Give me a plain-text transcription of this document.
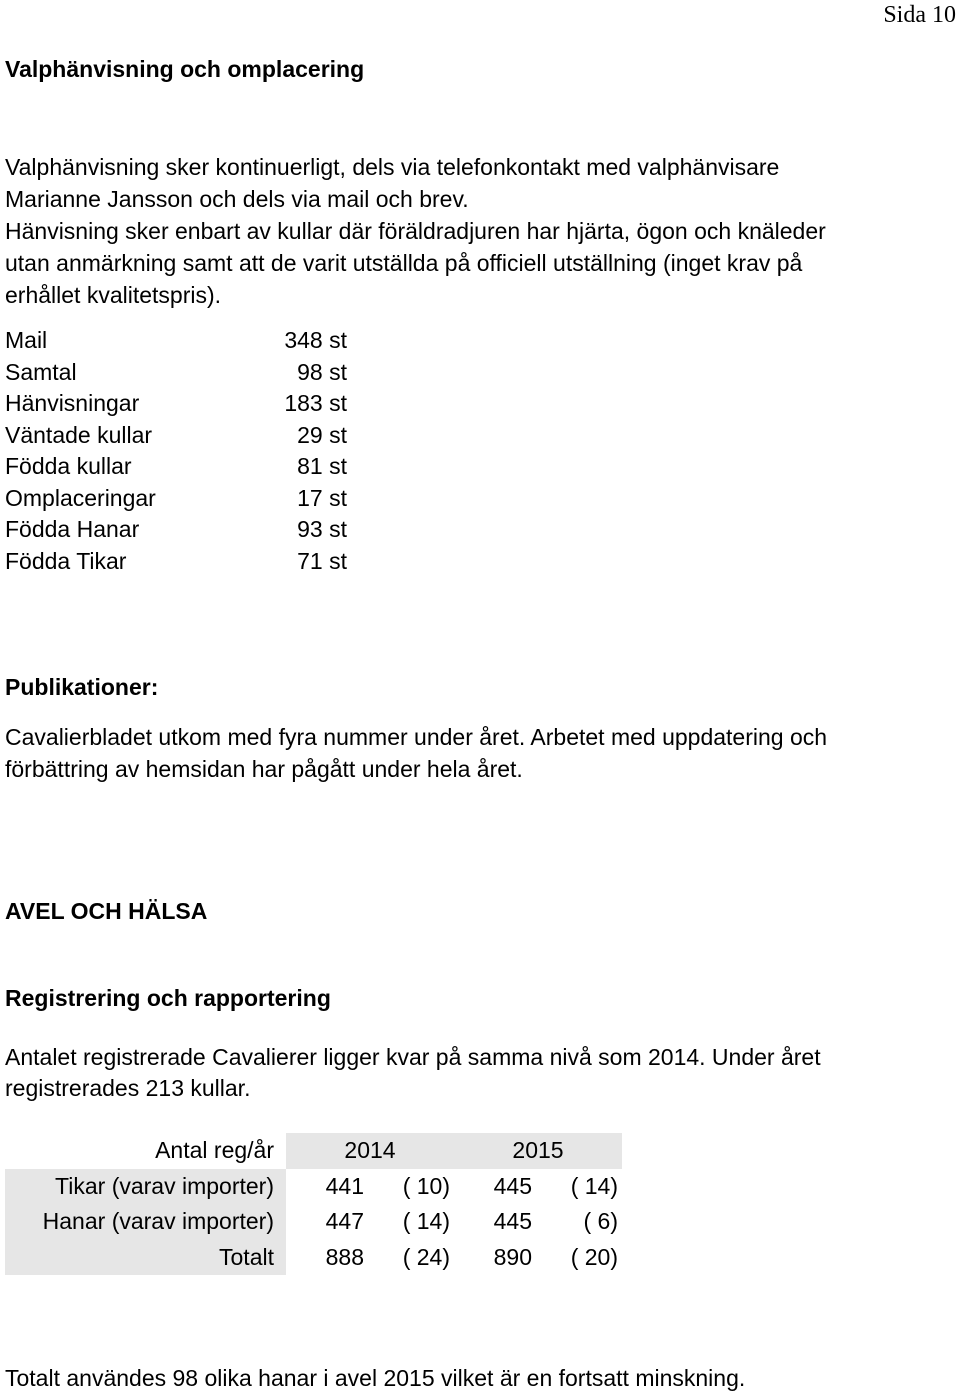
Sida 10
Valphänvisning och omplacering
Valphänvisning sker kontinuerligt, dels via telefonkontakt med valphänvisare
Marianne Jansson och dels via mail och brev.
Hänvisning sker enbart av kullar där föräldradjuren har hjärta, ögon och knäleder
utan anmärkning samt att de varit utställda på officiell utställning (inget krav på
erhållet kvalitetspris).
Mail	348 st
Samtal	98 st
Hänvisningar	183 st
Väntade kullar	29 st
Födda kullar	81 st
Omplaceringar	17 st
Födda Hanar	93 st
Födda Tikar	71 st
Publikationer:
Cavalierbladet utkom med fyra nummer under året. Arbetet med uppdatering och
förbättring av hemsidan har pågått under hela året.
AVEL OCH HÄLSA
Registrering och rapportering
Antalet registrerade Cavalierer ligger kvar på samma nivå som 2014. Under året
registrerades 213 kullar.
Antal reg/år	2014		2015	
Tikar (varav importer)	441	( 10)	445	( 14)
Hanar (varav importer)	447	( 14)	445	( 6)
Totalt	888	( 24)	890	( 20)
Totalt användes 98 olika hanar i avel 2015 vilket är en fortsatt minskning.
